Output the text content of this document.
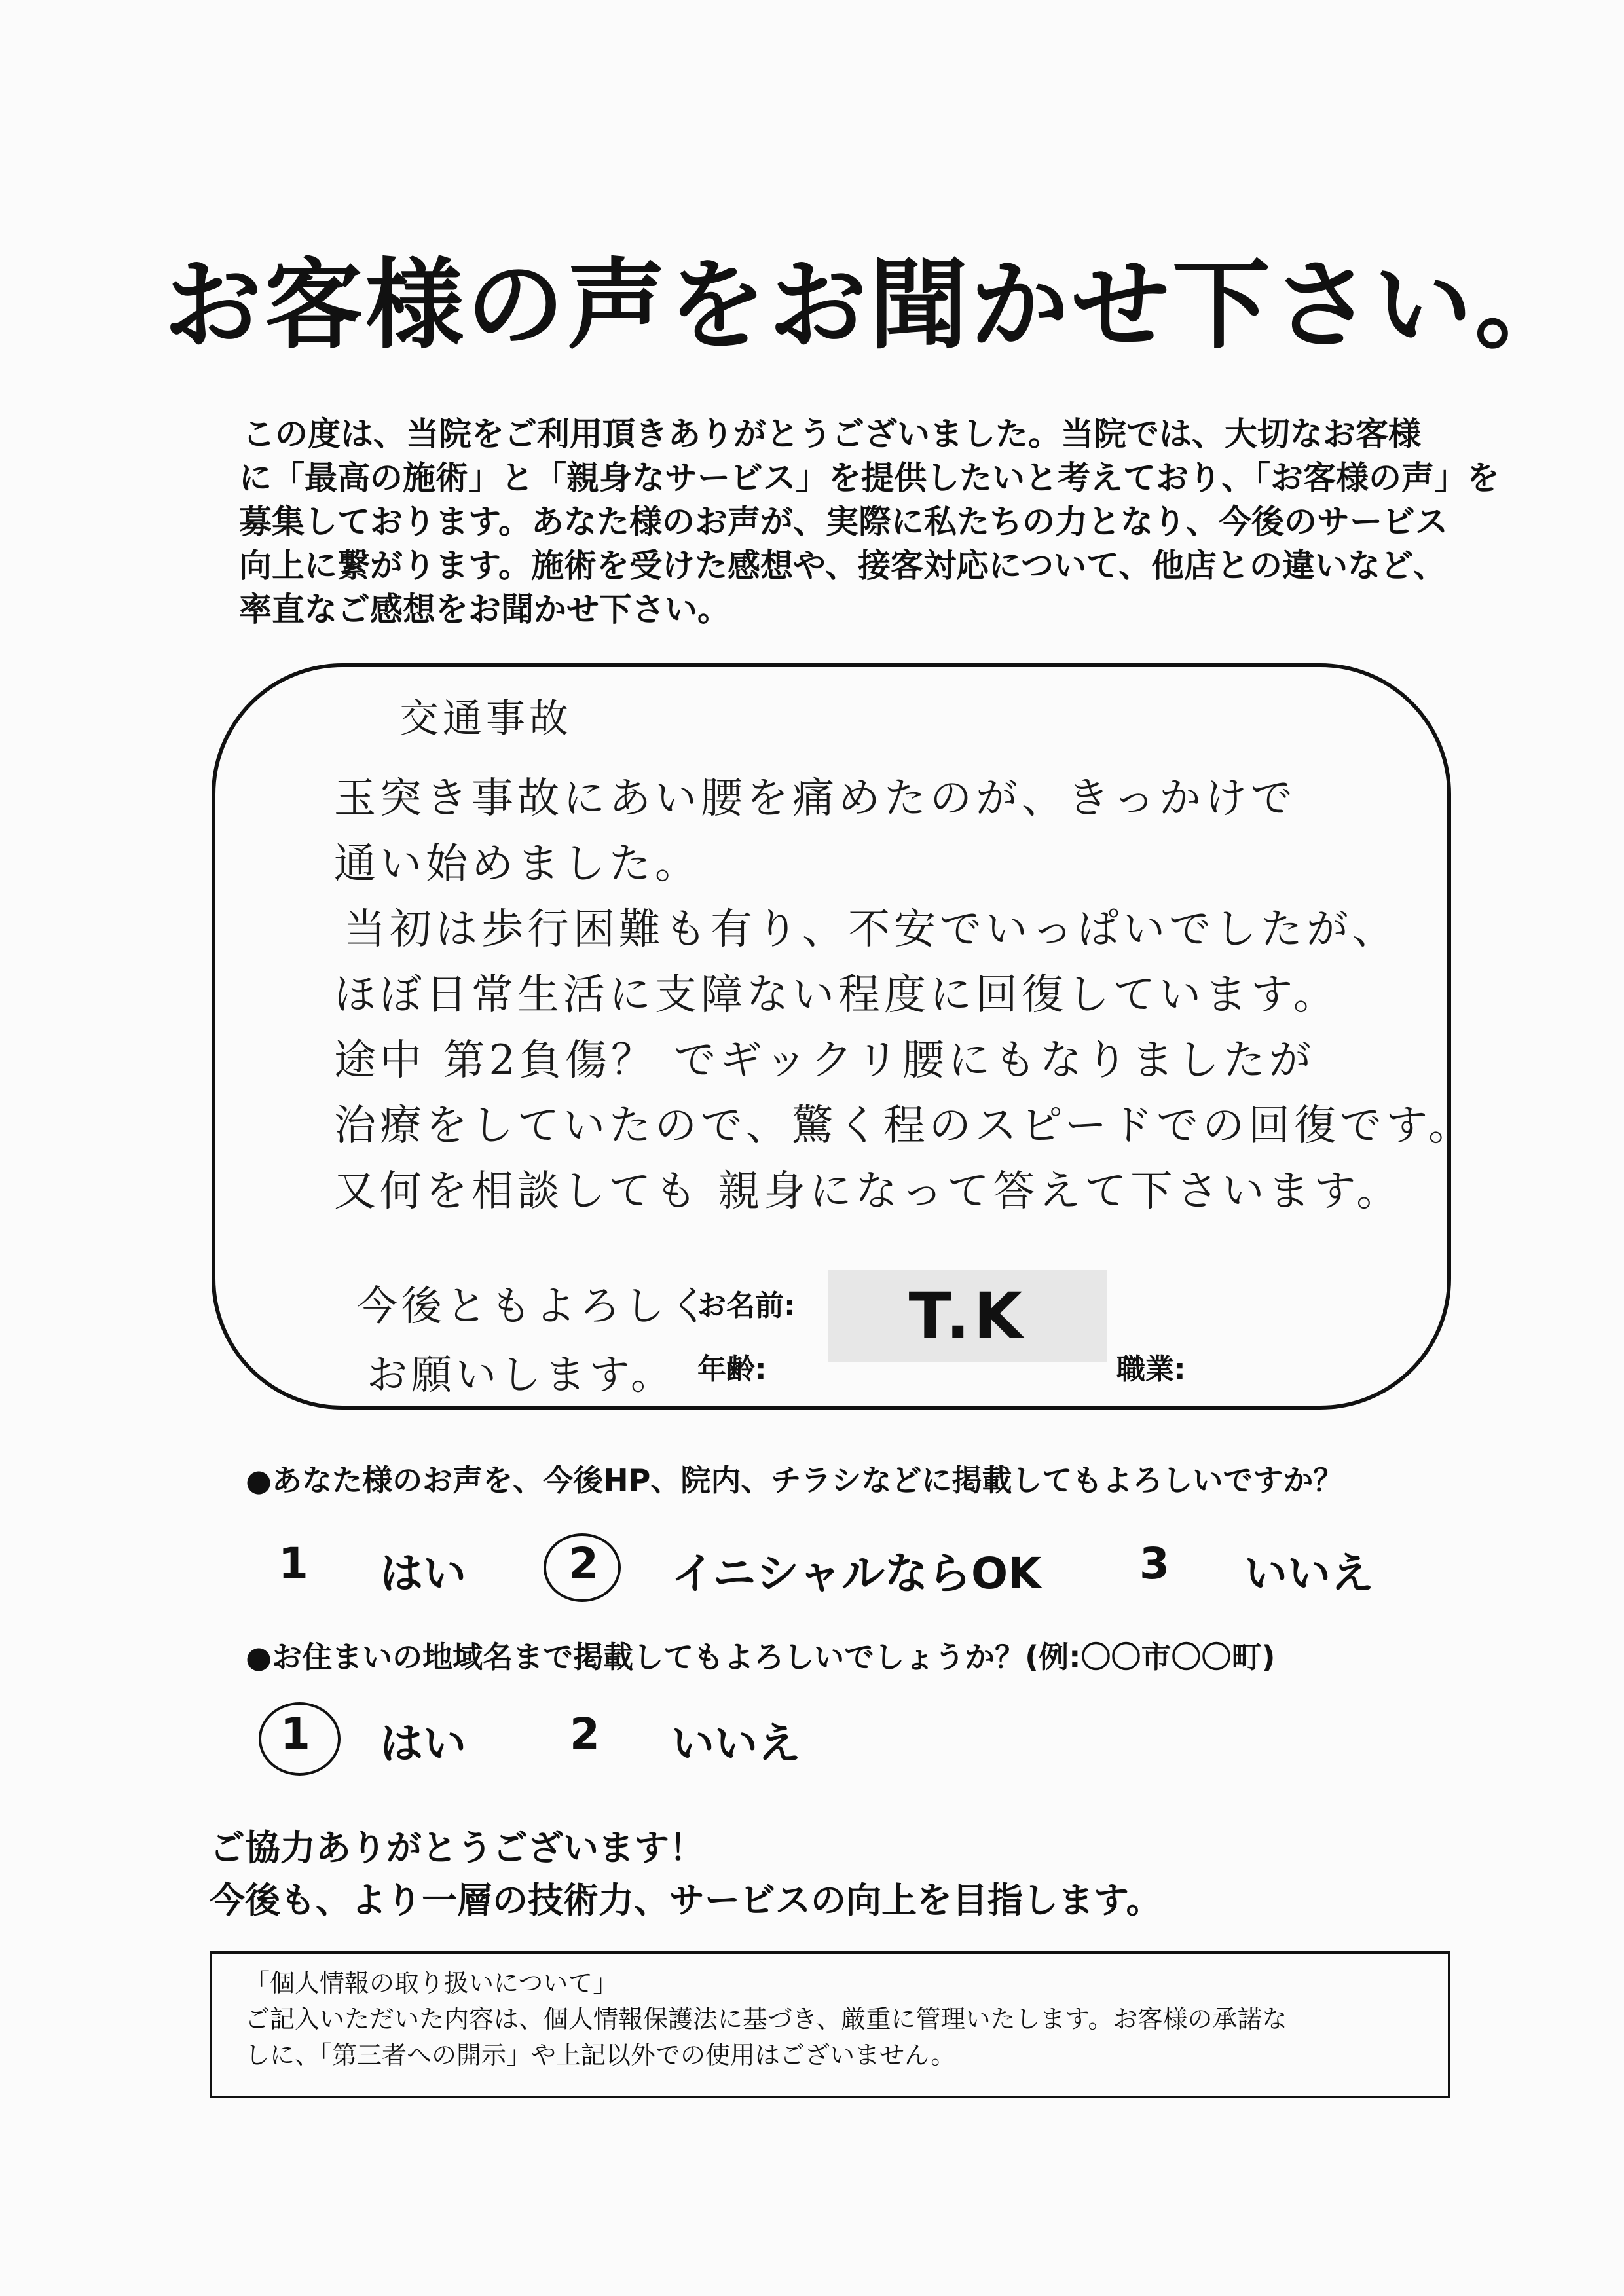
お客様の声をお聞かせ下さい。
この度は、当院をご利用頂きありがとうございました。当院では、大切なお客様
に「最高の施術」と「親身なサービス」を提供したいと考えており、「お客様の声」を
募集しております。あなた様のお声が、実際に私たちの力となり、今後のサービス
向上に繋がります。施術を受けた感想や、接客対応について、他店との違いなど、
率直なご感想をお聞かせ下さい。
交通事故
玉突き事故にあい腰を痛めたのが、きっかけで
通い始めました。
当初は歩行困難も有り、不安でいっぱいでしたが、
ほぼ日常生活に支障ない程度に回復しています。
途中 第2負傷？ でギックリ腰にもなりましたが
治療をしていたので、驚く程のスピードでの回復です。
又何を相談しても 親身になって答えて下さいます。
今後ともよろしく
お願いします。
お名前:	T.K
年齢:	職業:
●あなた様のお声を、今後HP、院内、チラシなどに掲載してもよろしいですか？
1 はい 2 イニシャルならOK 3 いいえ
●お住まいの地域名まで掲載してもよろしいでしょうか？(例:〇〇市〇〇町)
1 はい 2 いいえ
ご協力ありがとうございます！
今後も、より一層の技術力、サービスの向上を目指します。
「個人情報の取り扱いについて」
ご記入いただいた内容は、個人情報保護法に基づき、厳重に管理いたします。お客様の承諾な
しに、「第三者への開示」や上記以外での使用はございません。
